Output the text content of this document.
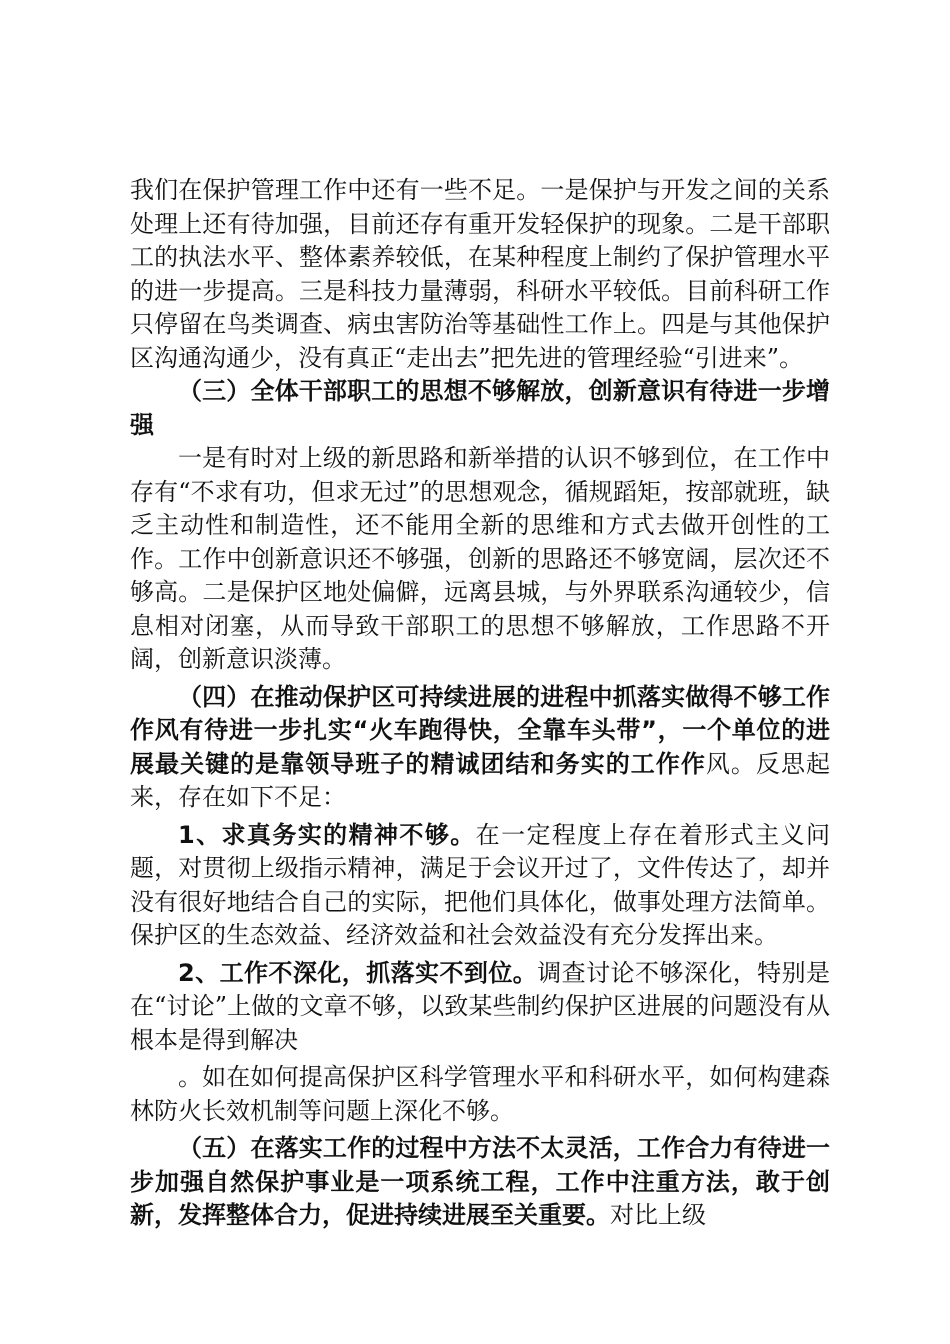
我们在保护管理工作中还有一些不足。一是保护与开发之间的关系处理上还有待加强，目前还存有重开发轻保护的现象。二是干部职工的执法水平、整体素养较低，在某种程度上制约了保护管理水平的进一步提高。三是科技力量薄弱，科研水平较低。目前科研工作只停留在鸟类调查、病虫害防治等基础性工作上。四是与其他保护区沟通沟通少，没有真正“走出去”把先进的管理经验“引进来”。

（三）全体干部职工的思想不够解放，创新意识有待进一步增强

一是有时对上级的新思路和新举措的认识不够到位，在工作中存有“不求有功，但求无过”的思想观念，循规蹈矩，按部就班，缺乏主动性和制造性，还不能用全新的思维和方式去做开创性的工作。工作中创新意识还不够强，创新的思路还不够宽阔，层次还不够高。二是保护区地处偏僻，远离县城，与外界联系沟通较少，信息相对闭塞，从而导致干部职工的思想不够解放，工作思路不开阔，创新意识淡薄。

（四）在推动保护区可持续进展的进程中抓落实做得不够工作作风有待进一步扎实“火车跑得快，全靠车头带”，一个单位的进展最关键的是靠领导班子的精诚团结和务实的工作作风。反思起来，存在如下不足：

1、求真务实的精神不够。在一定程度上存在着形式主义问题，对贯彻上级指示精神，满足于会议开过了，文件传达了，却并没有很好地结合自己的实际，把他们具体化，做事处理方法简单。保护区的生态效益、经济效益和社会效益没有充分发挥出来。

2、工作不深化，抓落实不到位。调查讨论不够深化，特别是在“讨论”上做的文章不够，以致某些制约保护区进展的问题没有从根本是得到解决

。如在如何提高保护区科学管理水平和科研水平，如何构建森林防火长效机制等问题上深化不够。

（五）在落实工作的过程中方法不太灵活，工作合力有待进一步加强自然保护事业是一项系统工程，工作中注重方法，敢于创新，发挥整体合力，促进持续进展至关重要。对比上级
